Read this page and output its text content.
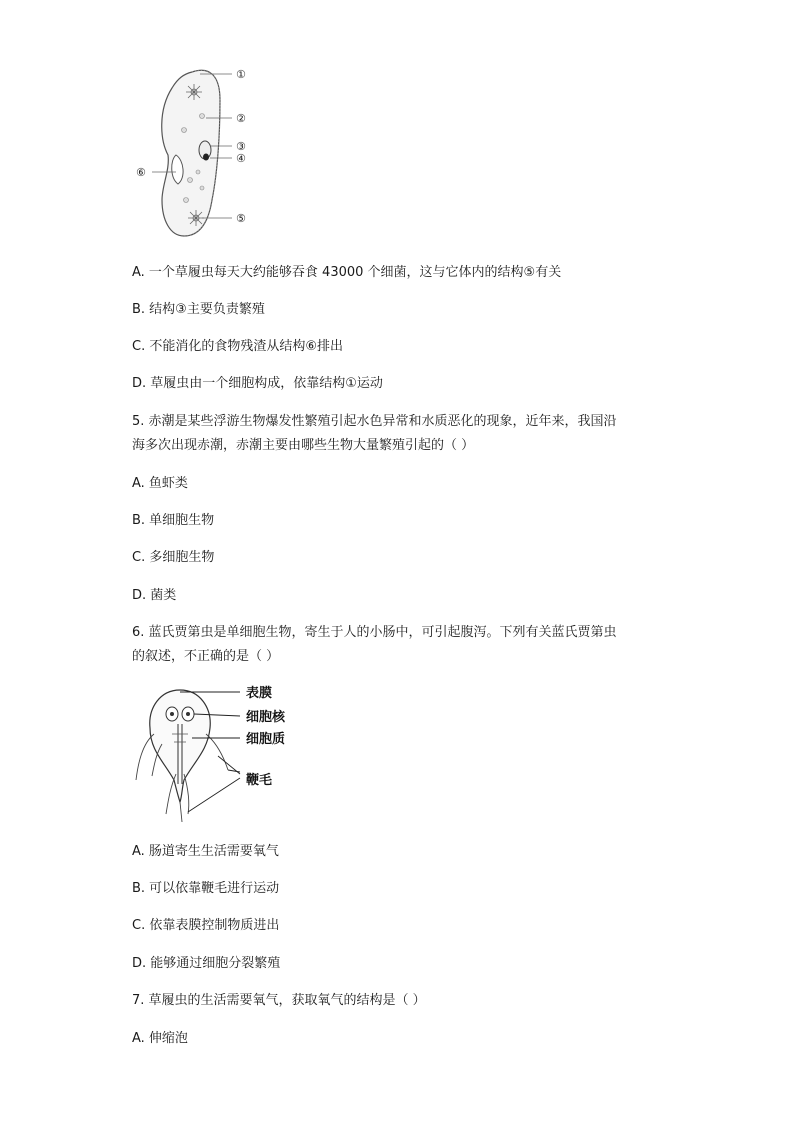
①
②
③
④
⑤
⑥
A. 一个草履虫每天大约能够吞食 43000 个细菌，这与它体内的结构⑤有关
B. 结构③主要负责繁殖
C. 不能消化的食物残渣从结构⑥排出
D. 草履虫由一个细胞构成，依靠结构①运动
5. 赤潮是某些浮游生物爆发性繁殖引起水色异常和水质恶化的现象，近年来，我国沿
海多次出现赤潮，赤潮主要由哪些生物大量繁殖引起的（ ）
A. 鱼虾类
B. 单细胞生物
C. 多细胞生物
D. 菌类
6. 蓝氏贾第虫是单细胞生物，寄生于人的小肠中，可引起腹泻。下列有关蓝氏贾第虫
的叙述，不正确的是（ ）
表膜
细胞核
细胞质
鞭毛
A. 肠道寄生生活需要氧气
B. 可以依靠鞭毛进行运动
C. 依靠表膜控制物质进出
D. 能够通过细胞分裂繁殖
7. 草履虫的生活需要氧气，获取氧气的结构是（ ）
A. 伸缩泡
